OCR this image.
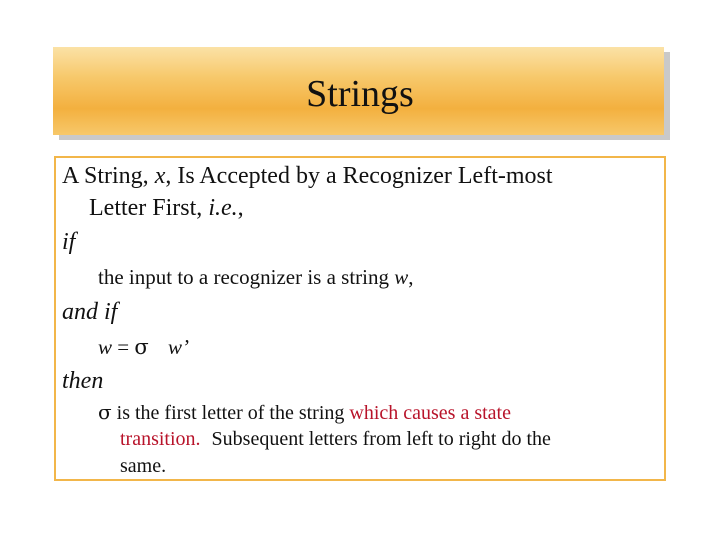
Strings
A String, x, Is Accepted by a Recognizer Left-most
Letter First, i.e.,
if
the input to a recognizer is a string w,
and if
w = σ w’
then
σ is the first letter of the string which causes a state
transition. Subsequent letters from left to right do the
same.
